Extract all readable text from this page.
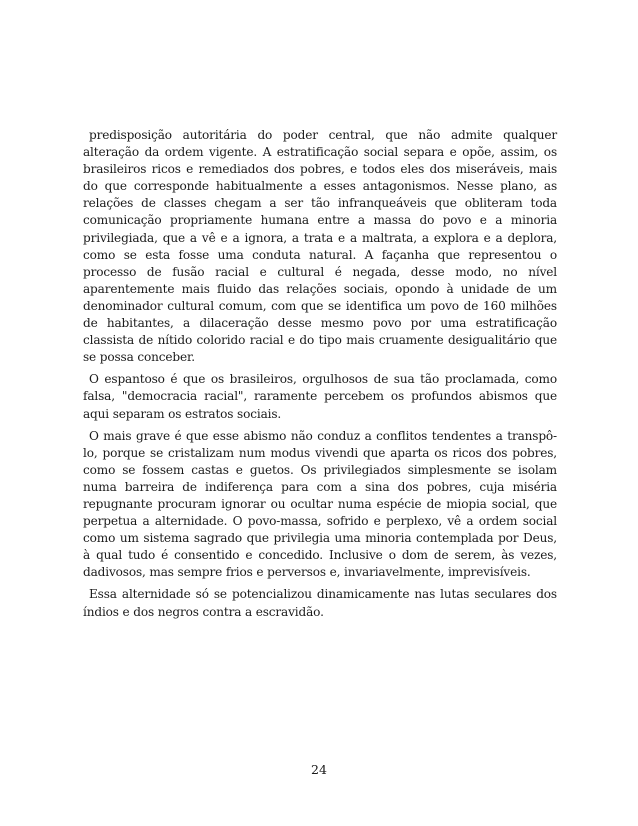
predisposição autoritária do poder central, que não admite qualquer alteração da ordem vigente. A estratificação social separa e opõe, assim, os brasileiros ricos e remediados dos pobres, e todos eles dos miseráveis, mais do que corresponde habitualmente a esses antagonismos. Nesse plano, as relações de classes chegam a ser tão infranqueáveis que obliteram toda comunicação propriamente humana entre a massa do povo e a minoria privilegiada, que a vê e a ignora, a trata e a maltrata, a explora e a deplora, como se esta fosse uma conduta natural. A façanha que representou o processo de fusão racial e cultural é negada, desse modo, no nível aparentemente mais fluido das relações sociais, opondo à unidade de um denominador cultural comum, com que se identifica um povo de 160 milhões de habitantes, a dilaceração desse mesmo povo por uma estratificação classista de nítido colorido racial e do tipo mais cruamente desigualitário que se possa conceber.

O espantoso é que os brasileiros, orgulhosos de sua tão proclamada, como falsa, "democracia racial", raramente percebem os profundos abismos que aqui separam os estratos sociais.

O mais grave é que esse abismo não conduz a conflitos tendentes a transpô-lo, porque se cristalizam num modus vivendi que aparta os ricos dos pobres, como se fossem castas e guetos. Os privilegiados simplesmente se isolam numa barreira de indiferença para com a sina dos pobres, cuja miséria repugnante procuram ignorar ou ocultar numa espécie de miopia social, que perpetua a alternidade. O povo-massa, sofrido e perplexo, vê a ordem social como um sistema sagrado que privilegia uma minoria contemplada por Deus, à qual tudo é consentido e concedido. Inclusive o dom de serem, às vezes, dadivosos, mas sempre frios e perversos e, invariavelmente, imprevisíveis.

Essa alternidade só se potencializou dinamicamente nas lutas seculares dos índios e dos negros contra a escravidão.

24
